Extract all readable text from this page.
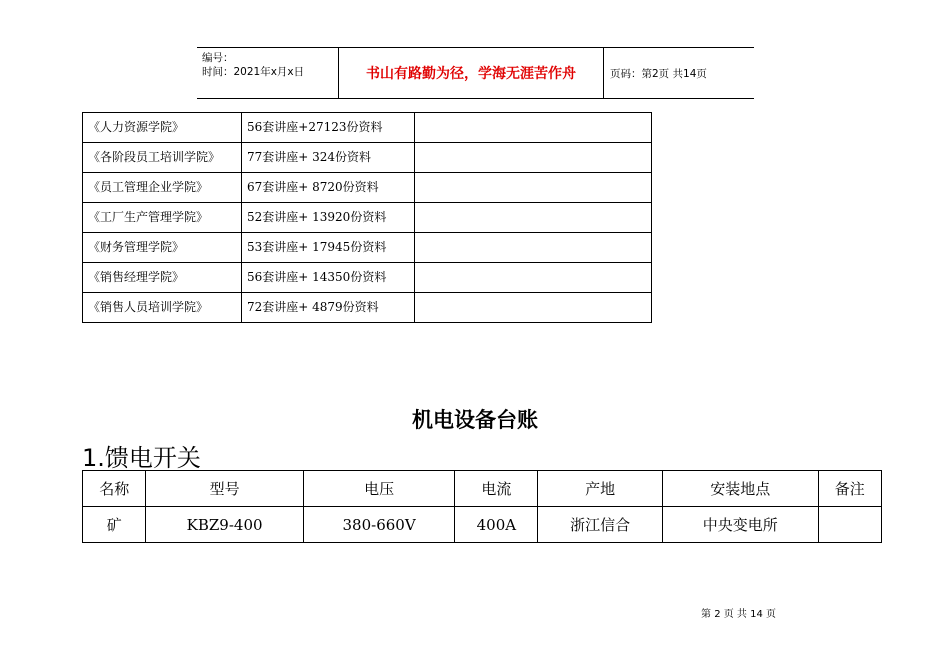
编号：
时间：2021年x月x日	书山有路勤为径，学海无涯苦作舟	页码：第2页 共14页
《人力资源学院》	56套讲座+27123份资料	
《各阶段员工培训学院》	77套讲座+ 324份资料	
《员工管理企业学院》	67套讲座+ 8720份资料	
《工厂生产管理学院》	52套讲座+ 13920份资料	
《财务管理学院》	53套讲座+ 17945份资料	
《销售经理学院》	56套讲座+ 14350份资料	
《销售人员培训学院》	72套讲座+ 4879份资料	
机电设备台账
1.馈电开关
名称	型号	电压	电流	产地	安装地点	备注
矿	KBZ9-400	380-660V	400A	浙江信合	中央变电所	
第 2 页 共 14 页
